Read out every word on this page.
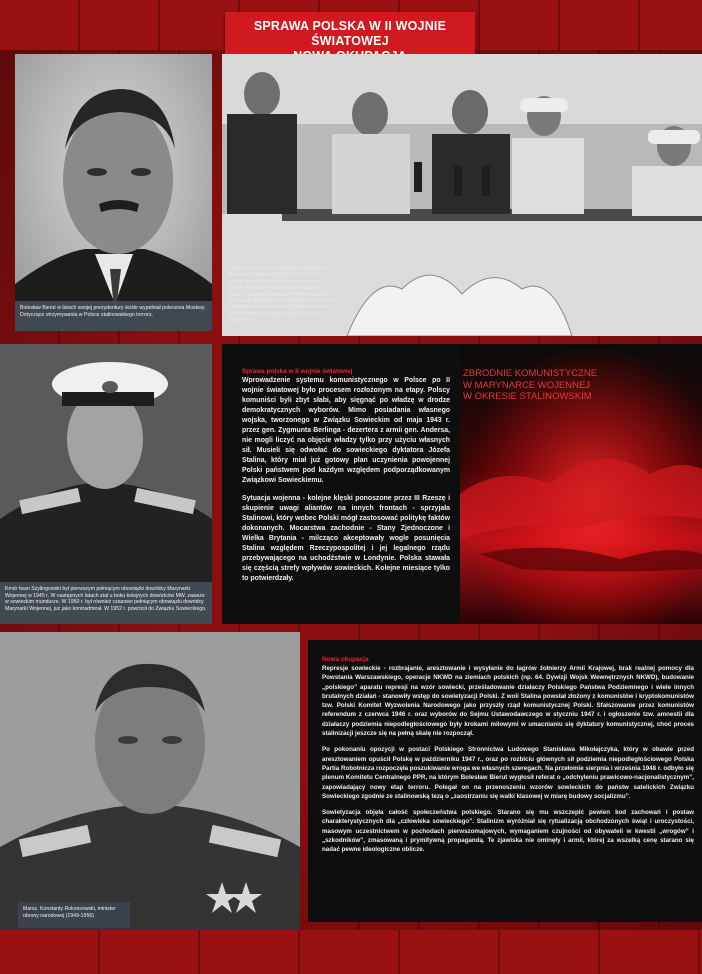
SPRAWA POLSKA W II WOJNIE ŚWIATOWEJ
Bolesław Bierut w latach swojej prezydentury ściśle wypełniał polecenia Moskwy. Dotyczące utrzymywania w Polsce stalinowskiego terroru.
Przemówienie Bolesława Bieruta na Święcie Marynarki Wojennej w Gdyni, 1955 r. Na zdjęciu m.in. minister obrony narodowej marsz. Konstanty Rokossowski (drugi od prawej) i dowódca Marynarki Wojennej kadm. Aleksandr Winogradow. Postawienie na czele wojska dowódców radzieckich gwarantowało jego posłuszeństwo wobec sowieckich okupantów.
Kmdr Iwan Szylingowski był pierwszym pełniącym obowiązki dowódcy Marynarki Wojennej w 1945 r. W następnych latach stał u boku kolejnych dowódców MW, zawsze w sowieckim mundurze. W 1950 r. był również czasowo pełniącym obowiązki dowódcy Marynarki Wojennej, już jako kontradmirał. W 1952 r. powrócił do Związku Sowieckiego.
Sprawa polska w II wojnie światowej

Wprowadzenie systemu komunistycznego w Polsce po II wojnie światowej było procesem rozłożonym na etapy. Polscy komuniści byli zbyt słabi, aby sięgnąć po władzę w drodze demokratycznych wyborów. Mimo posiadania własnego wojska, tworzonego w Związku Sowieckim od maja 1943 r. przez gen. Zygmunta Berlinga - dezertera z armii gen. Andersa, nie mogli liczyć na objęcie władzy tylko przy użyciu własnych sił. Musieli się odwołać do sowieckiego dyktatora Józefa Stalina, który miał już gotowy plan uczynienia powojennej Polski państwem pod każdym względem podporządkowanym Związkowi Sowieckiemu.

Sytuacja wojenna - kolejne klęski ponoszone przez III Rzeszę i skupienie uwagi aliantów na innych frontach - sprzyjała Stalinowi, który wobec Polski mógł zastosować politykę faktów dokonanych. Mocarstwa zachodnie - Stany Zjednoczone i Wielka Brytania - milcząco akceptowały wogle posunięcia Stalina względem Rzeczypospolitej i jej legalnego rządu przebywającego na uchodźstwie w Londynie. Polska stawała się częścią strefy wpływów sowieckich. Kolejne miesiące tylko to potwierdzały.

ZBRODNIE KOMUNISTYCZNE
W MARYNARCE WOJENNEJ
W OKRESIE STALINOWSKIM
Marsz. Konstanty Rokossowski, minister obrony narodowej (1949-1956)
Nowa okupacja

Represje sowieckie - rozbrajanie, aresztowanie i wysyłanie do łagrów żołnierzy Armii Krajowej, brak realnej pomocy dla Powstania Warszawskiego, operacje NKWD na ziemiach polskich (np. 64. Dywizji Wojsk Wewnętrznych NKWD), budowanie „polskiego” aparatu represji na wzór sowiecki, prześladowanie działaczy Polskiego Państwa Podziemnego i wiele innych brutalnych działań - stanowiły wstęp do sowietyzacji Polski. Z woli Stalina powstał złożony z komunistów i kryptokomunistów tzw. Polski Komitet Wyzwolenia Narodowego jako przyszły rząd komunistycznej Polski. Sfałszowanie przez komunistów referendum z czerwca 1946 r. oraz wyborów do Sejmu Ustawodawczego w styczniu 1947 r. i ogłoszenie tzw. amnestii dla działaczy podziemia niepodległościowego były krokami milowymi w umacnianiu się dyktatury komunistycznej, choć proces stalinizacji jeszcze się na pełną skalę nie rozpoczął.

Po pokonaniu opozycji w postaci Polskiego Stronnictwa Ludowego Stanisława Mikołajczyka, który w obawie przed aresztowaniem opuścił Polskę w październiku 1947 r., oraz po rozbiciu głównych sił podziemia niepodległościowego Polska Partia Robotnicza rozpoczęła poszukiwanie wroga we własnych szeregach. Na przełomie sierpnia i września 1948 r. odbyło się plenum Komitetu Centralnego PPR, na którym Bolesław Bierut wygłosił referat o „odchyleniu prawicowo-nacjonalistycznym”, zapowiadający nowy etap terroru. Polegał on na przenoszeniu wzorów sowieckich do państw satelickich Związku Sowieckiego zgodnie ze stalinowską tezą o „zaostrzaniu się walki klasowej w miarę budowy socjalizmu”.

Sowietyzacja objęła całość społeczeństwa polskiego. Starano się mu wszczepić pewien kod zachowań i postaw charakterystycznych dla „człowieka sowieckiego”. Stalinizm wyróżniał się rytualizacją obchodzonych świąt i uroczystości, masowym uczestnictwem w pochodach pierwszomajowych, wymaganiem czujności od obywateli w kwestii „wrogów” i „szkodników”, zmasowaną i prymitywną propagandą. Te zjawiska nie ominęły i armii, której za wszelką cenę starano się nadać pewne ideologiczne oblicze.
